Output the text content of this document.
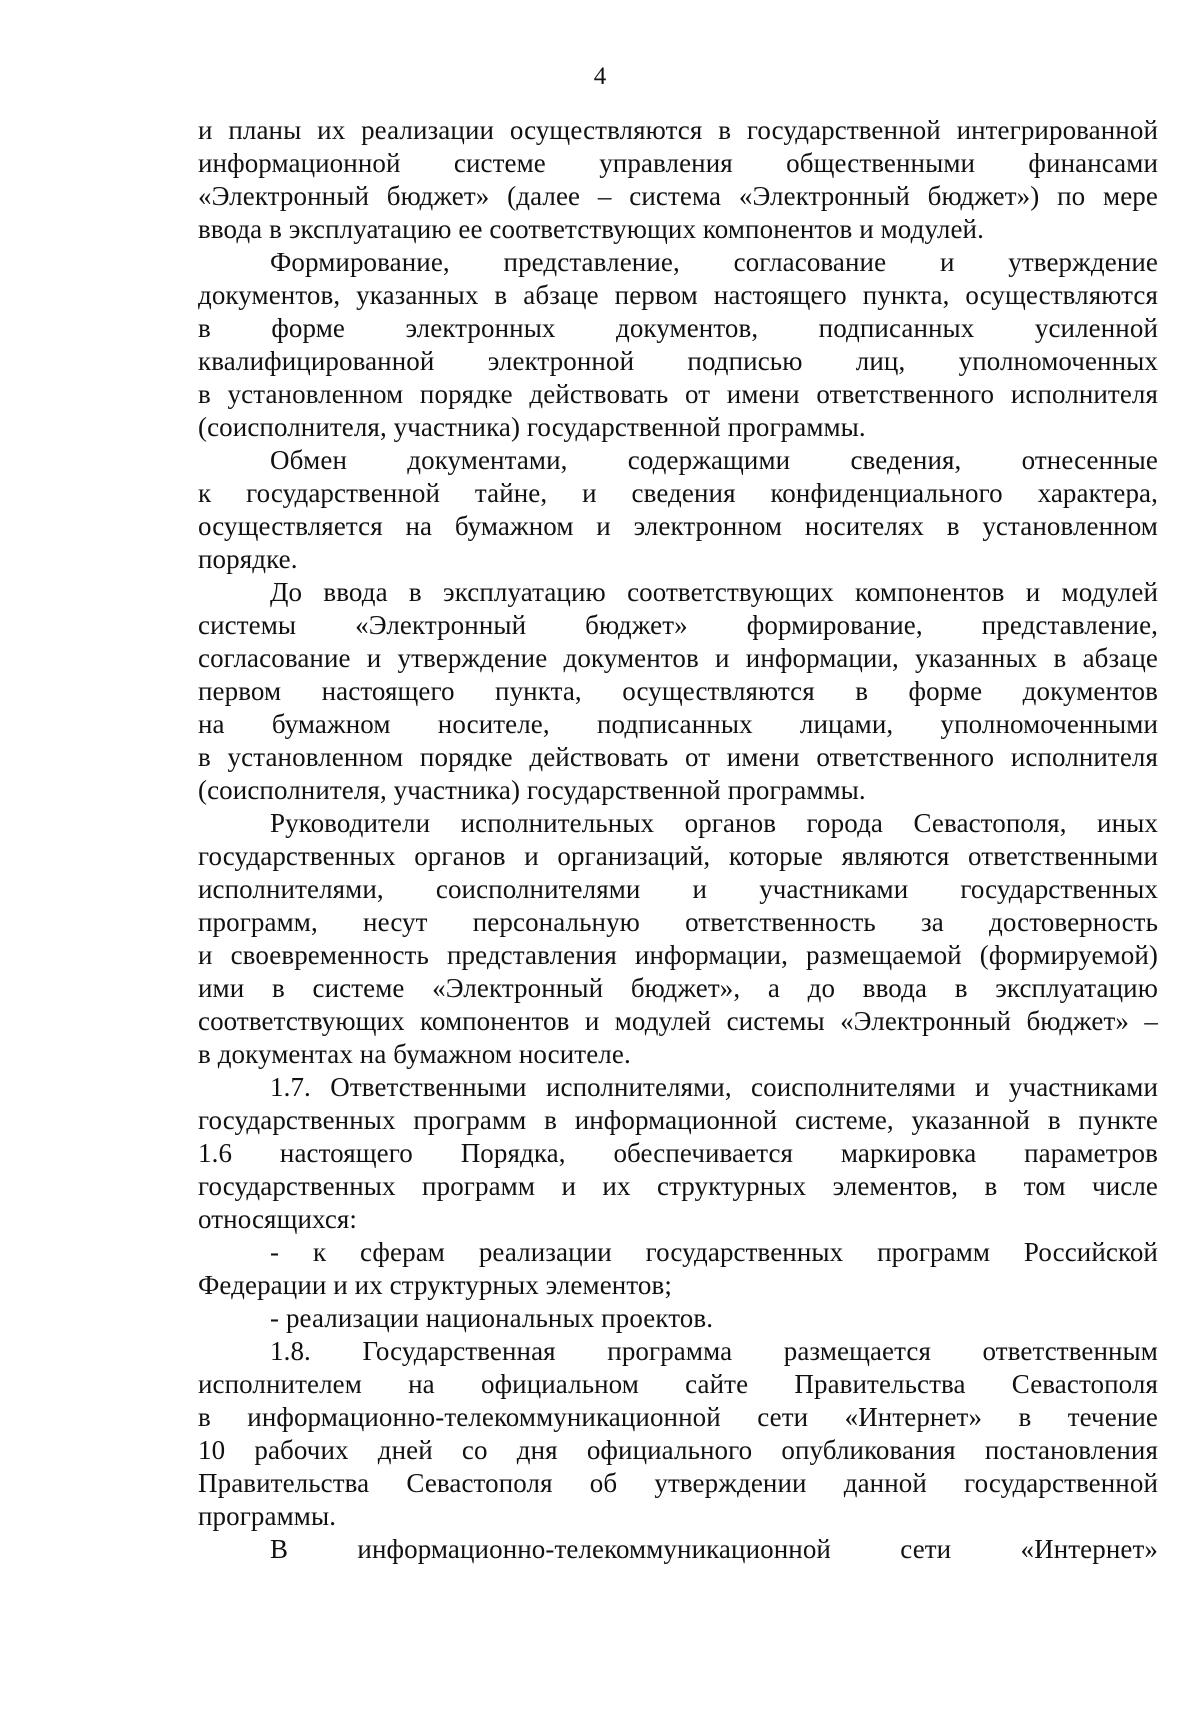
4
и планы их реализации осуществляются в государственной интегрированной
информационной системе управления общественными финансами
«Электронный бюджет» (далее – система «Электронный бюджет») по мере
ввода в эксплуатацию ее соответствующих компонентов и модулей.
Формирование, представление, согласование и утверждение
документов, указанных в абзаце первом настоящего пункта, осуществляются
в форме электронных документов, подписанных усиленной
квалифицированной электронной подписью лиц, уполномоченных
в установленном порядке действовать от имени ответственного исполнителя
(соисполнителя, участника) государственной программы.
Обмен документами, содержащими сведения, отнесенные
к государственной тайне, и сведения конфиденциального характера,
осуществляется на бумажном и электронном носителях в установленном
порядке.
До ввода в эксплуатацию соответствующих компонентов и модулей
системы «Электронный бюджет» формирование, представление,
согласование и утверждение документов и информации, указанных в абзаце
первом настоящего пункта, осуществляются в форме документов
на бумажном носителе, подписанных лицами, уполномоченными
в установленном порядке действовать от имени ответственного исполнителя
(соисполнителя, участника) государственной программы.
Руководители исполнительных органов города Севастополя, иных
государственных органов и организаций, которые являются ответственными
исполнителями, соисполнителями и участниками государственных
программ, несут персональную ответственность за достоверность
и своевременность представления информации, размещаемой (формируемой)
ими в системе «Электронный бюджет», а до ввода в эксплуатацию
соответствующих компонентов и модулей системы «Электронный бюджет» –
в документах на бумажном носителе.
1.7. Ответственными исполнителями, соисполнителями и участниками
государственных программ в информационной системе, указанной в пункте
1.6 настоящего Порядка, обеспечивается маркировка параметров
государственных программ и их структурных элементов, в том числе
относящихся:
- к сферам реализации государственных программ Российской
Федерации и их структурных элементов;
- реализации национальных проектов.
1.8. Государственная программа размещается ответственным
исполнителем на официальном сайте Правительства Севастополя
в информационно-телекоммуникационной сети «Интернет» в течение
10 рабочих дней со дня официального опубликования постановления
Правительства Севастополя об утверждении данной государственной
программы.
В информационно-телекоммуникационной сети «Интернет»
